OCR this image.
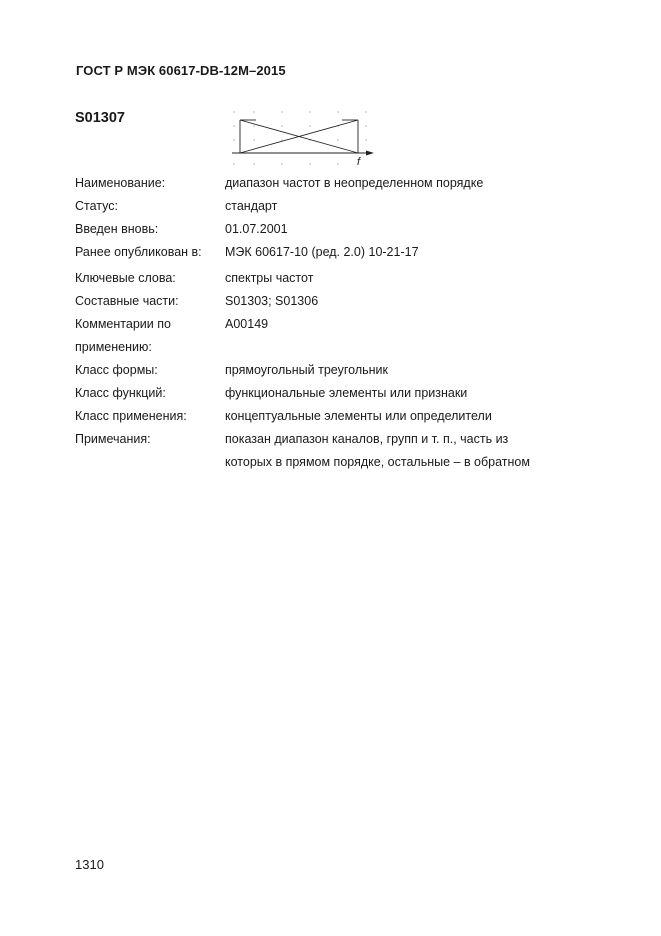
ГОСТ Р МЭК 60617-DB-12M–2015
S01307
f
Наименование:	диапазон частот в неопределенном порядке
Статус:	стандарт
Введен вновь:	01.07.2001
Ранее опубликован в:	МЭК 60617-10 (ред. 2.0) 10-21-17
Ключевые слова:	спектры частот
Составные части:	S01303; S01306
Комментарии по
применению:
A00149
Класс формы:	прямоугольный треугольник
Класс функций:	функциональные элементы или признаки
Класс применения:	концептуальные элементы или определители
Примечания:	показан диапазон каналов, групп и т. п., часть из
которых в прямом порядке, остальные – в обратном
1310
